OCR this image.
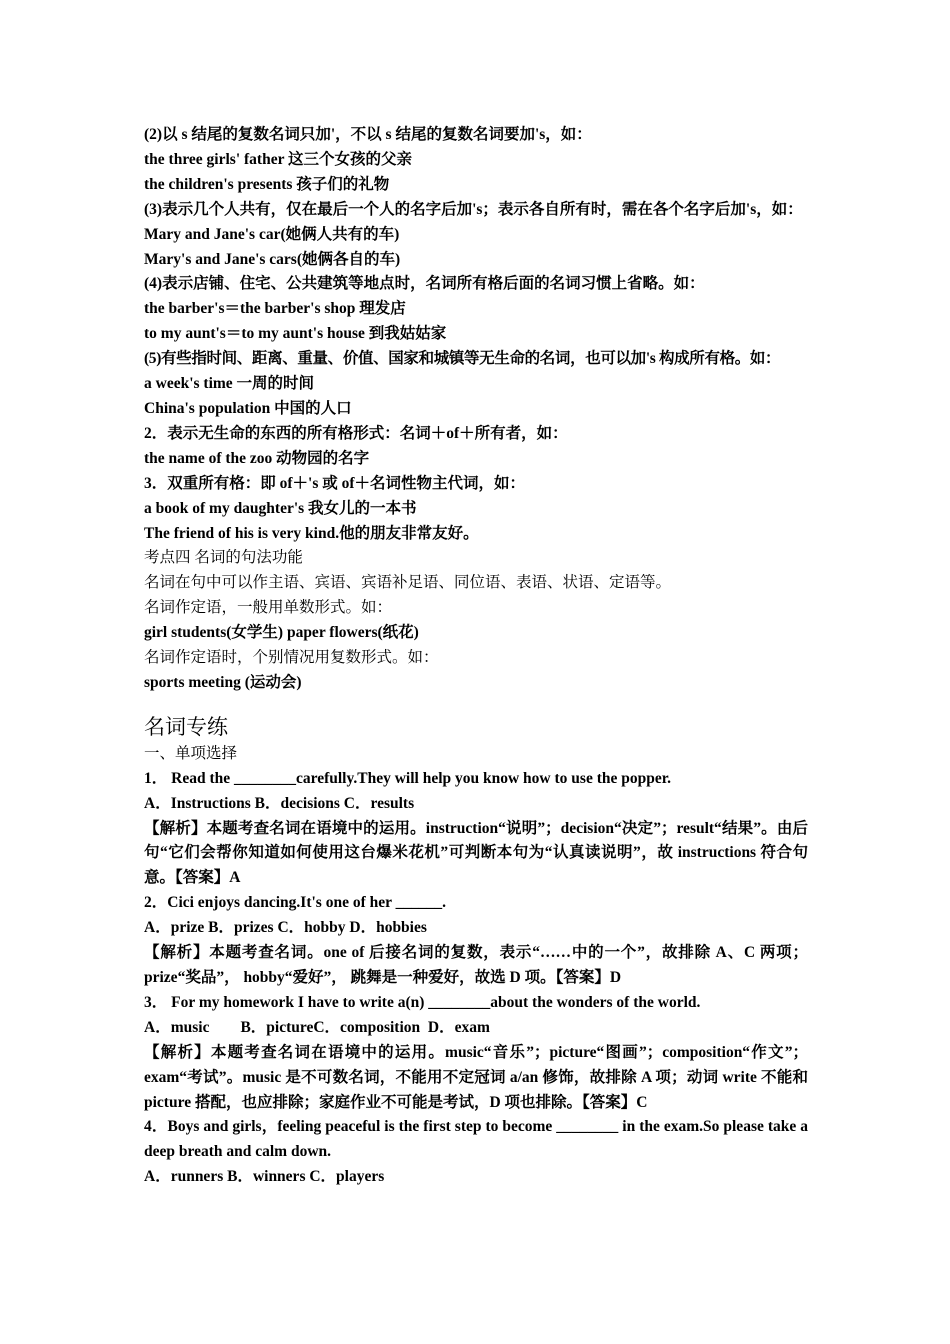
(2)以 s 结尾的复数名词只加'，不以 s 结尾的复数名词要加's，如：
the three girls' father 这三个女孩的父亲
the children's presents 孩子们的礼物
(3)表示几个人共有，仅在最后一个人的名字后加's；表示各自所有时，需在各个名字后加's，如：
Mary and Jane's car(她俩人共有的车)
Mary's and Jane's cars(她俩各自的车)
(4)表示店铺、住宅、公共建筑等地点时，名词所有格后面的名词习惯上省略。如：
the barber's＝the barber's shop 理发店
to my aunt's＝to my aunt's house 到我姑姑家
(5)有些指时间、距离、重量、价值、国家和城镇等无生命的名词，也可以加's 构成所有格。如：
a week's time 一周的时间
China's population 中国的人口
2．表示无生命的东西的所有格形式：名词＋of＋所有者，如：
the name of the zoo 动物园的名字
3．双重所有格：即 of＋'s 或 of＋名词性物主代词，如：
a book of my daughter's 我女儿的一本书
The friend of his is very kind.他的朋友非常友好。
考点四 名词的句法功能
名词在句中可以作主语、宾语、宾语补足语、同位语、表语、状语、定语等。
名词作定语，一般用单数形式。如：
girl students(女学生) paper flowers(纸花)
名词作定语时，个别情况用复数形式。如：
sports meeting (运动会)
名词专练
一、单项选择
1． Read the ________carefully.They will help you know how to use the popper.
A．Instructions B．decisions C．results
【解析】本题考查名词在语境中的运用。instruction“说明”；decision“决定”；result“结果”。由后句“它们会帮你知道如何使用这台爆米花机”可判断本句为“认真读说明”，故 instructions 符合句意。【答案】A
2．Cici enjoys dancing.It's one of her ______.
A．prize B．prizes C．hobby D．hobbies
【解析】本题考查名词。one of 后接名词的复数，表示“……中的一个”，故排除 A、C 两项；prize“奖品”， hobby“爱好”， 跳舞是一种爱好，故选 D 项。【答案】D
3． For my homework I have to write a(n) ________about the wonders of the world.
A．music        B．pictureC．composition  D．exam
【解析】本题考查名词在语境中的运用。music“音乐”；picture“图画”；composition“作文”；exam“考试”。music 是不可数名词，不能用不定冠词 a/an 修饰，故排除 A 项；动词 write 不能和 picture 搭配，也应排除；家庭作业不可能是考试，D 项也排除。【答案】C
4．Boys and girls，feeling peaceful is the first step to become ________ in the exam.So please take a deep breath and calm down.
A．runners B．winners C．players
